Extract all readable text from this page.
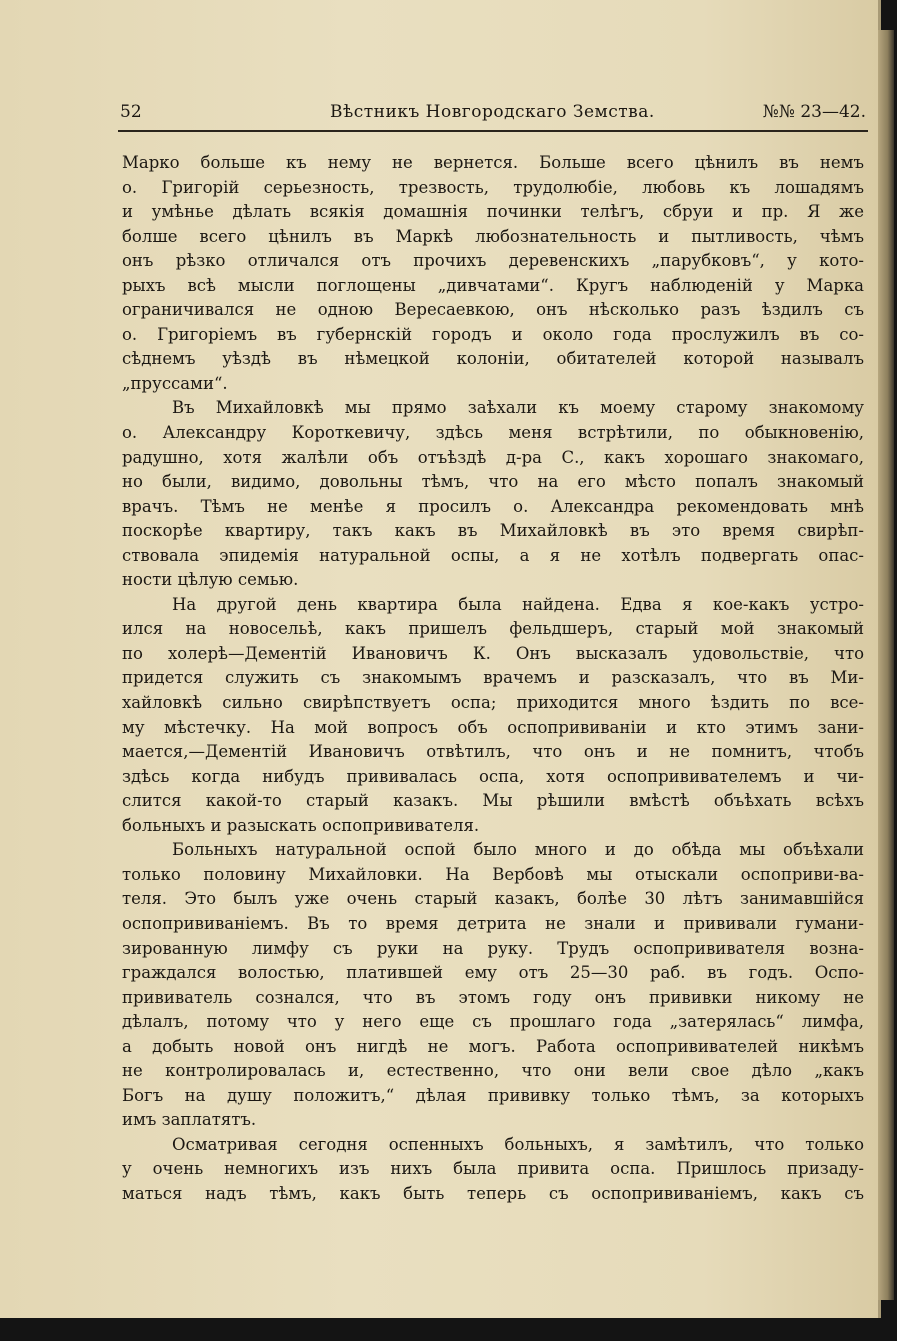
52	Вѣстникъ Новгородскаго Земства.	№№ 23—42.
Марко больше къ нему не вернется. Больше всего цѣнилъ въ немъ
о. Григорій серьезность, трезвость, трудолюбіе, любовь къ лошадямъ
и умѣнье дѣлать всякія домашнія починки телѣгъ, сбруи и пр. Я же
болше всего цѣнилъ въ Маркѣ любознательность и пытливость, чѣмъ
онъ рѣзко отличался отъ прочихъ деревенскихъ „парубковъ“, у кото-
рыхъ всѣ мысли поглощены „дивчатами“. Кругъ наблюденій у Марка
ограничивался не одною Вересаевкою, онъ нѣсколько разъ ѣздилъ съ
о. Григоріемъ въ губернскій городъ и около года прослужилъ въ со-
сѣднемъ уѣздѣ въ нѣмецкой колоніи, обитателей которой называлъ
„пруссами“.
Въ Михайловкѣ мы прямо заѣхали къ моему старому знакомому
о. Александру Короткевичу, здѣсь меня встрѣтили, по обыкновенію,
радушно, хотя жалѣли объ отъѣздѣ д-ра С., какъ хорошаго знакомаго,
но были, видимо, довольны тѣмъ, что на его мѣсто попалъ знакомый
врачъ. Тѣмъ не менѣе я просилъ о. Александра рекомендовать мнѣ
поскорѣе квартиру, такъ какъ въ Михайловкѣ въ это время свирѣп-
ствовала эпидемія натуральной оспы, а я не хотѣлъ подвергать опас-
ности цѣлую семью.
На другой день квартира была найдена. Едва я кое-какъ устро-
ился на новосельѣ, какъ пришелъ фельдшеръ, старый мой знакомый
по холерѣ—Дементій Ивановичъ К. Онъ высказалъ удовольствіе, что
придется служить съ знакомымъ врачемъ и разсказалъ, что въ Ми-
хайловкѣ сильно свирѣпствуетъ оспа; приходится много ѣздить по все-
му мѣстечку. На мой вопросъ объ оспопрививаніи и кто этимъ зани-
мается,—Дементій Ивановичъ отвѣтилъ, что онъ и не помнитъ, чтобъ
здѣсь когда нибудъ прививалась оспа, хотя оспопрививателемъ и чи-
слится какой-то старый казакъ. Мы рѣшили вмѣстѣ объѣхать всѣхъ
больныхъ и разыскать оспопрививателя.
Больныхъ натуральной оспой было много и до обѣда мы объѣхали
только половину Михайловки. На Вербовѣ мы отыскали оспоприви-ва-
теля. Это былъ уже очень старый казакъ, болѣе 30 лѣтъ занимавшійся
оспопрививаніемъ. Въ то время детрита не знали и прививали гумани-
зированную лимфу съ руки на руку. Трудъ оспопрививателя возна-
граждался волостью, платившей ему отъ 25—30 раб. въ годъ. Оспо-
прививатель сознался, что въ этомъ году онъ прививки никому не
дѣлалъ, потому что у него еще съ прошлаго года „затерялась“ лимфа,
а добыть новой онъ нигдѣ не могъ. Работа оспопрививателей никѣмъ
не контролировалась и, естественно, что они вели свое дѣло „какъ
Богъ на душу положитъ,“ дѣлая прививку только тѣмъ, за которыхъ
имъ заплатятъ.
Осматривая сегодня оспенныхъ больныхъ, я замѣтилъ, что только
у очень немногихъ изъ нихъ была привита оспа. Пришлось призаду-
маться надъ тѣмъ, какъ быть теперь съ оспопрививаніемъ, какъ съ
